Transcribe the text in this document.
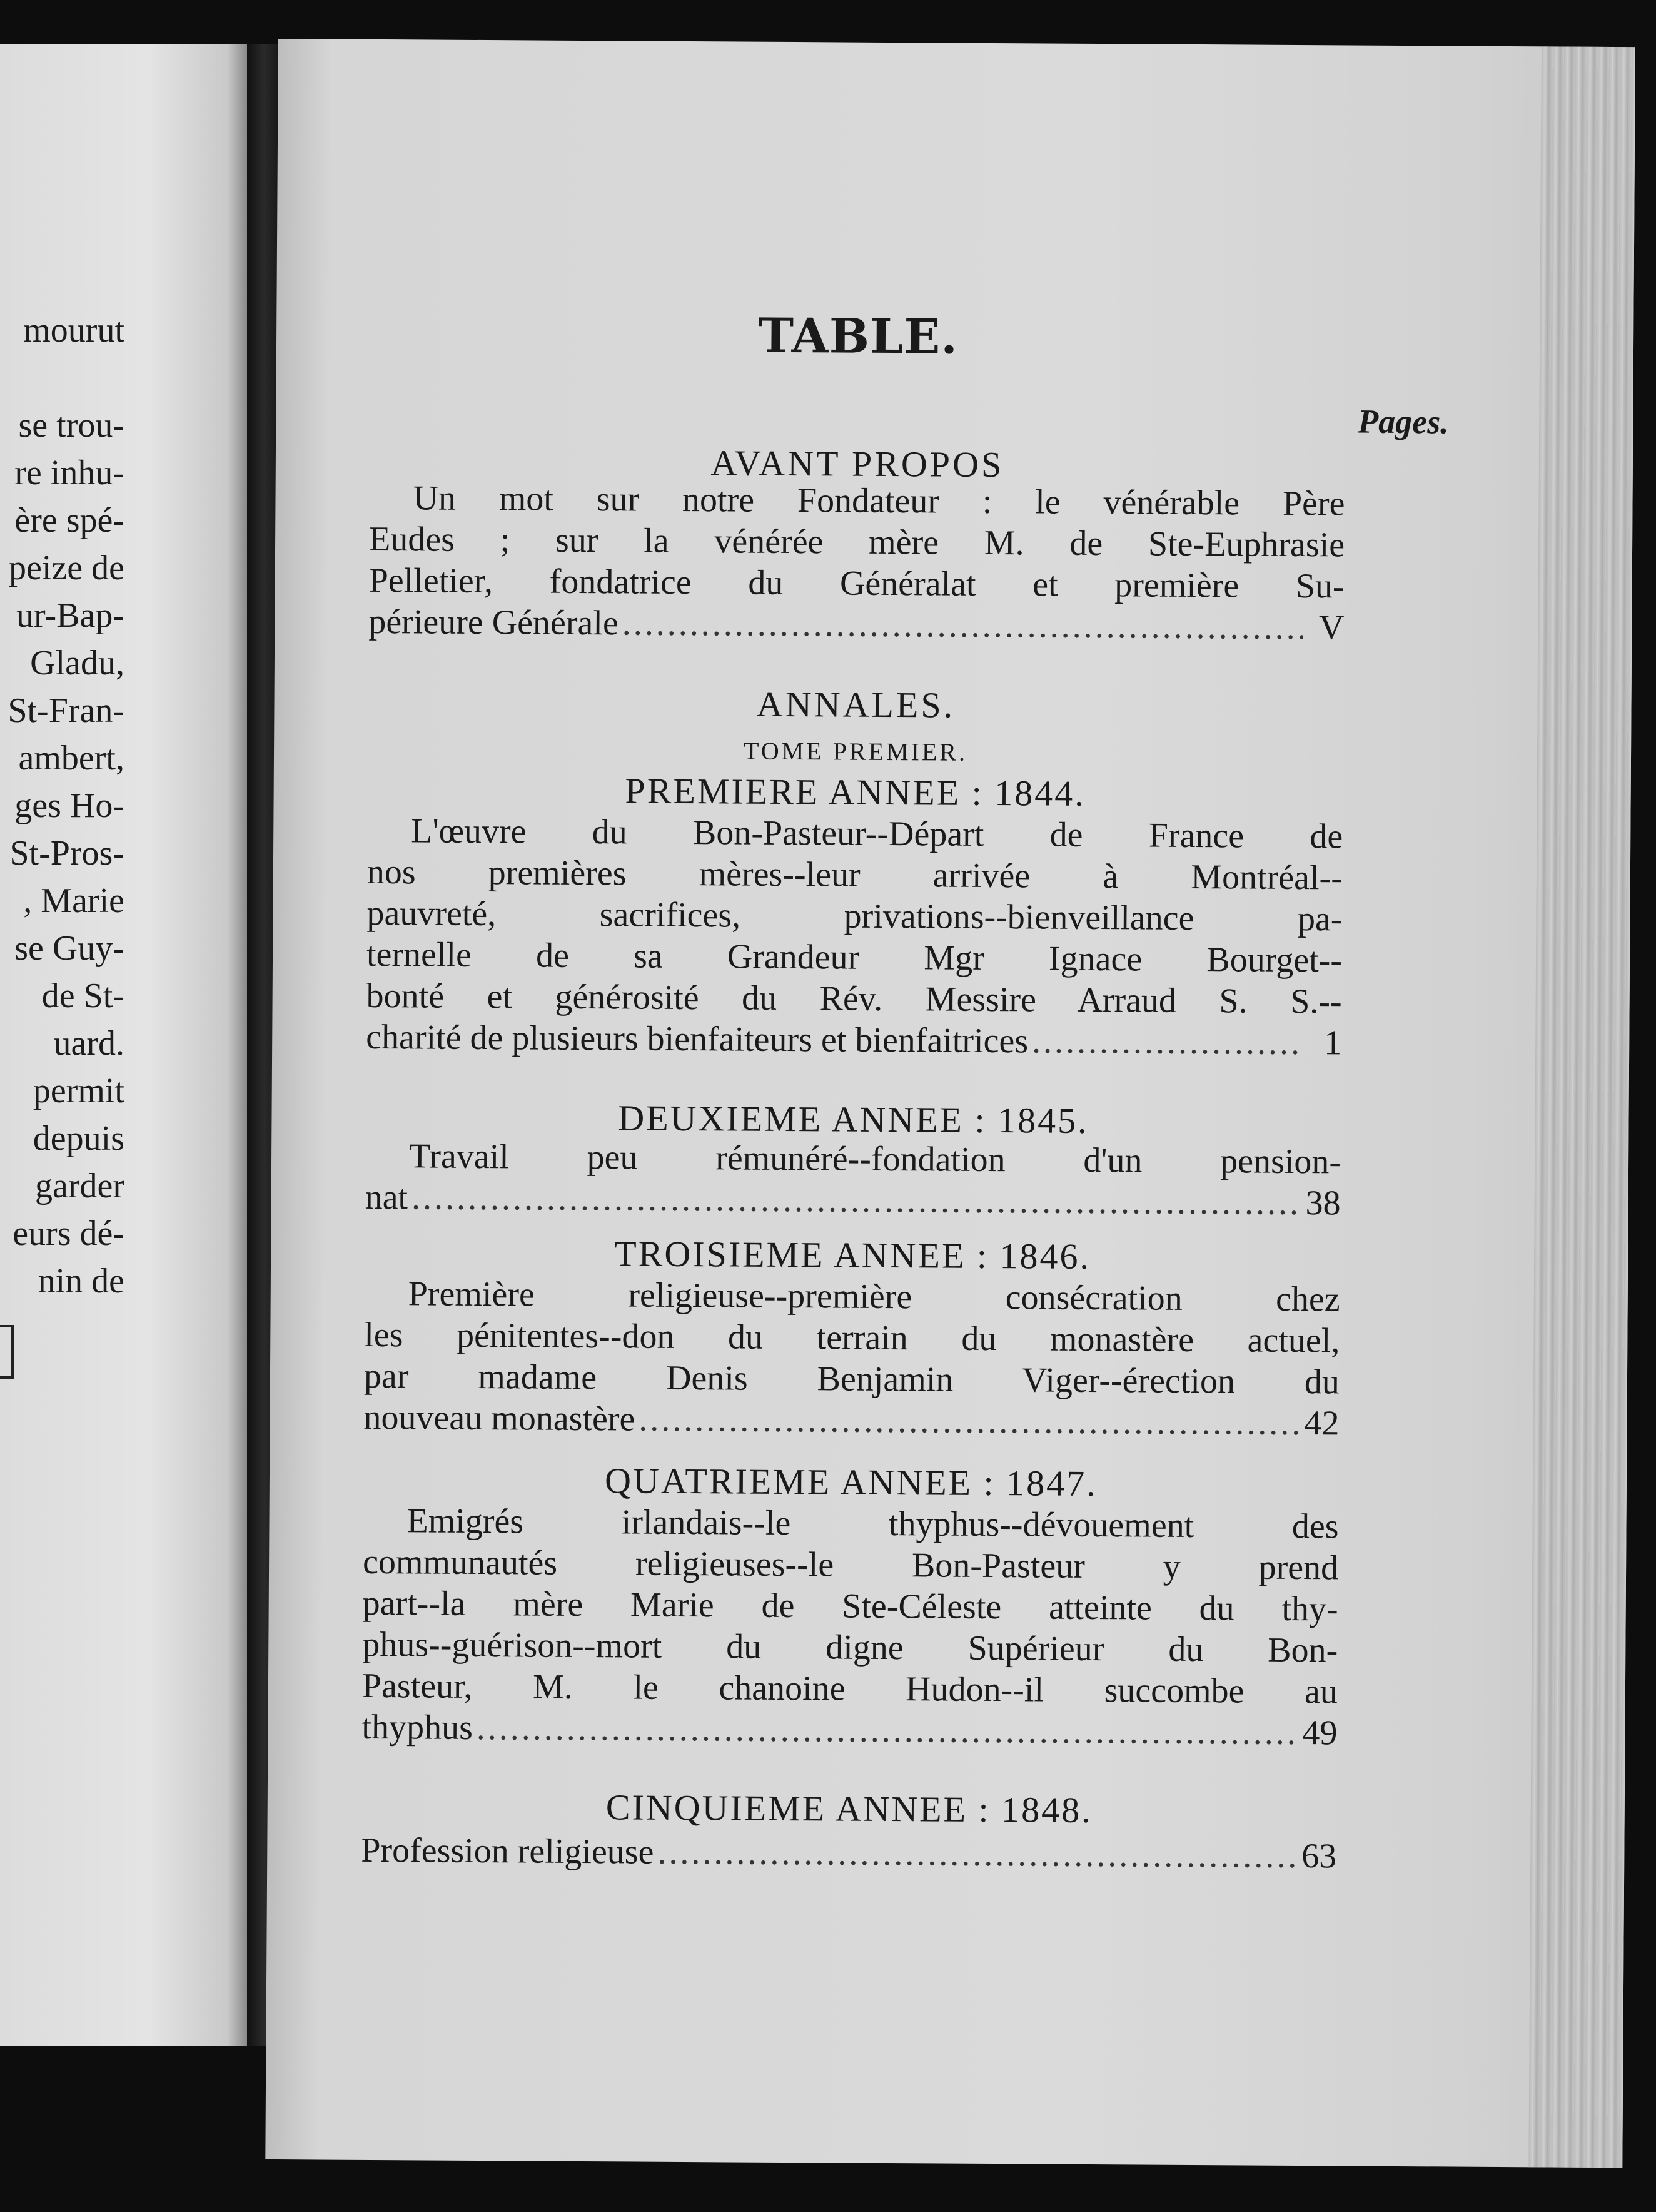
mourut
se trou-
re inhu-
ère spé-
peize de
ur-Bap-
Gladu,
St-Fran-
ambert,
ges Ho-
St-Pros-
, Marie
se Guy-
de St-
uard.
permit
depuis
garder
eurs dé-
nin de
TABLE.
Pages.
AVANT PROPOS
Un mot sur notre Fondateur : le vénérable Père
Eudes ; sur la vénérée mère M. de Ste-Euphrasie
Pelletier, fondatrice du Généralat et première Su-
périeure Générale .....	V
ANNALES.
TOME PREMIER.
PREMIERE ANNEE : 1844.
L'œuvre du Bon-Pasteur--Départ de France de
nos premières mères--leur arrivée à Montréal--
pauvreté, sacrifices, privations--bienveillance pa-
ternelle de sa Grandeur Mgr Ignace Bourget--
bonté et générosité du Rév. Messire Arraud S. S.--
charité de plusieurs bienfaiteurs et bienfaitrices .....	1
DEUXIEME ANNEE : 1845.
Travail peu rémunéré--fondation d'un pension-
nat .....	38
TROISIEME ANNEE : 1846.
Première religieuse--première consécration chez
les pénitentes--don du terrain du monastère actuel,
par madame Denis Benjamin Viger--érection du
nouveau monastère .....	42
QUATRIEME ANNEE : 1847.
Emigrés irlandais--le thyphus--dévouement des
communautés religieuses--le Bon-Pasteur y prend
part--la mère Marie de Ste-Céleste atteinte du thy-
phus--guérison--mort du digne Supérieur du Bon-
Pasteur, M. le chanoine Hudon--il succombe au
thyphus .....	49
CINQUIEME ANNEE : 1848.
Profession religieuse .....	63
